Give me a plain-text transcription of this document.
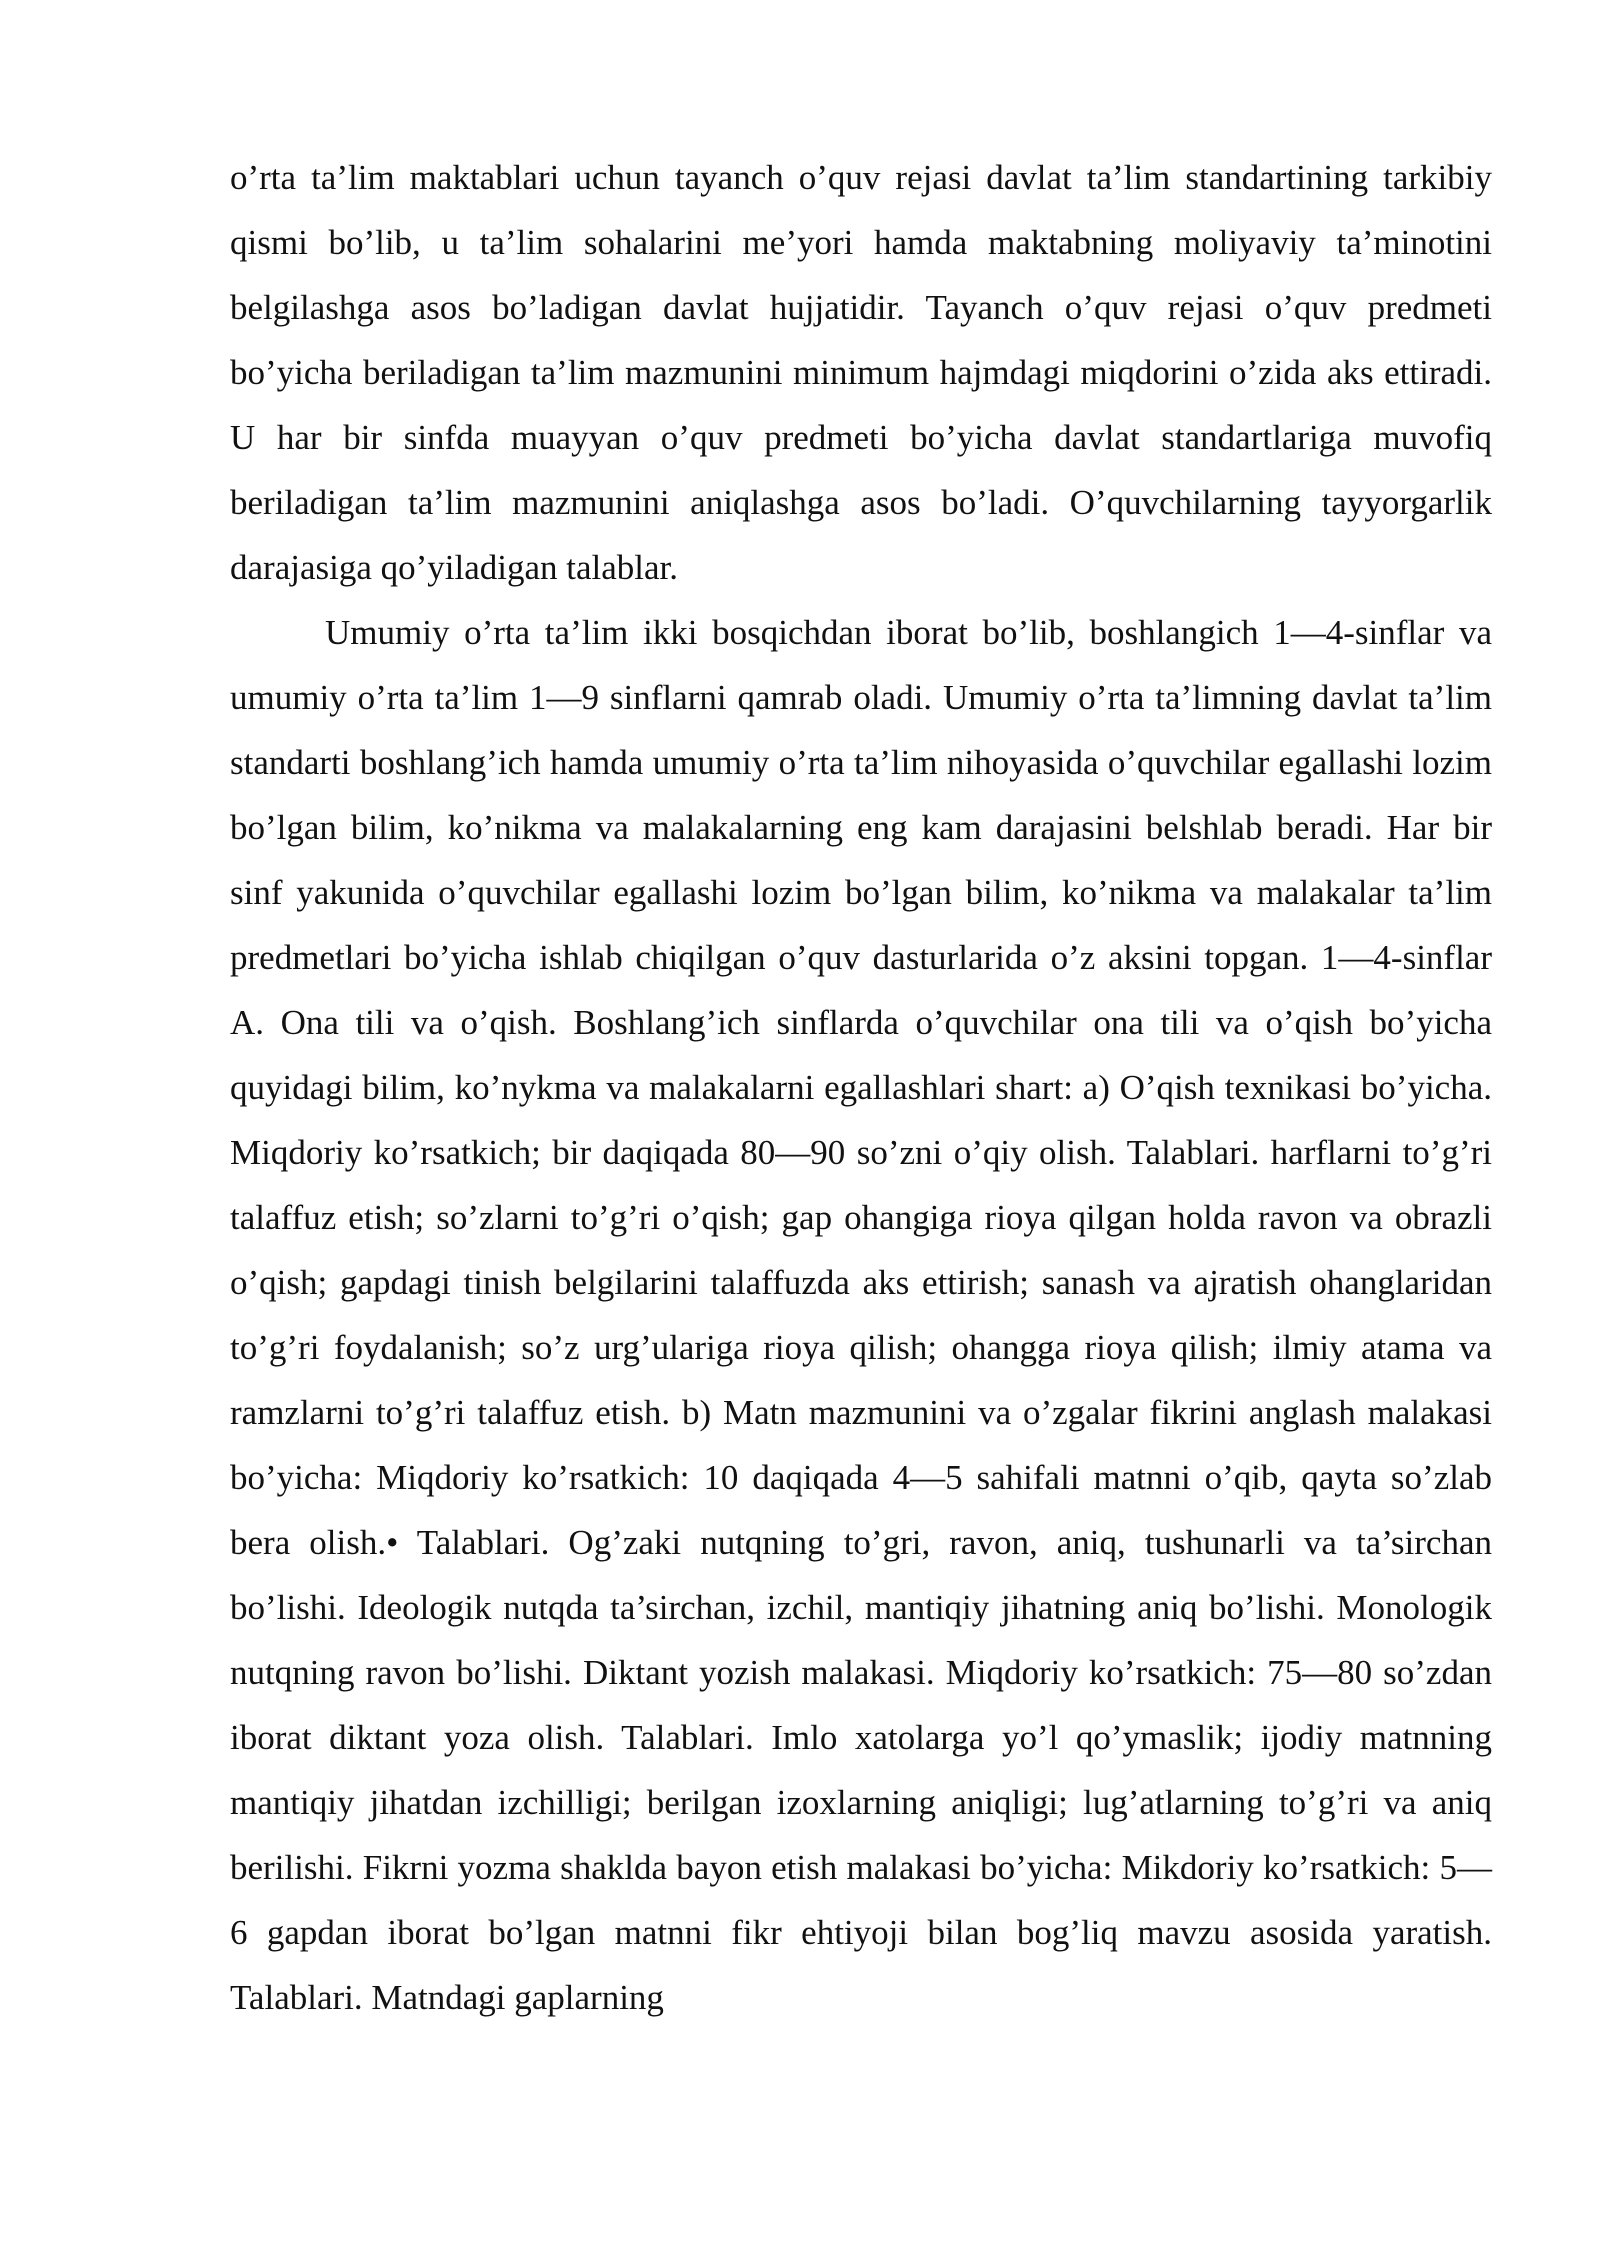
o’rta ta’lim maktablari uchun tayanch o’quv rejasi davlat ta’lim standartining tarkibiy qismi bo’lib, u ta’lim sohalarini me’yori hamda maktabning moliyaviy ta’minotini belgilashga asos bo’ladigan davlat hujjatidir. Tayanch o’quv rejasi o’quv predmeti bo’yicha beriladigan ta’lim mazmunini minimum hajmdagi miqdorini o’zida aks ettiradi. U har bir sinfda muayyan o’quv predmeti bo’yicha davlat standartlariga muvofiq beriladigan ta’lim mazmunini aniqlashga asos bo’ladi. O’quvchilarning tayyorgarlik darajasiga qo’yiladigan talablar.

Umumiy o’rta ta’lim ikki bosqichdan iborat bo’lib, boshlangich 1—4-sinflar va umumiy o’rta ta’lim 1—9 sinflarni qamrab oladi. Umumiy o’rta ta’limning davlat ta’lim standarti boshlang’ich hamda umumiy o’rta ta’lim nihoyasida o’quvchilar egallashi lozim bo’lgan bilim, ko’nikma va malakalarning eng kam darajasini belshlab beradi. Har bir sinf yakunida o’quvchilar egallashi lozim bo’lgan bilim, ko’nikma va malakalar ta’lim predmetlari bo’yicha ishlab chiqilgan o’quv dasturlarida o’z aksini topgan. 1—4-sinflar A. Ona tili va o’qish. Boshlang’ich sinflarda o’quvchilar ona tili va o’qish bo’yicha quyidagi bilim, ko’nykma va malakalarni egallashlari shart: a) O’qish texnikasi bo’yicha. Miqdoriy ko’rsatkich; bir daqiqada 80—90 so’zni o’qiy olish. Talablari. harflarni to’g’ri talaffuz etish; so’zlarni to’g’ri o’qish; gap ohangiga rioya qilgan holda ravon va obrazli o’qish; gapdagi tinish belgilarini talaffuzda aks ettirish; sanash va ajratish ohanglaridan to’g’ri foydalanish; so’z urg’ulariga rioya qilish; ohangga rioya qilish; ilmiy atama va ramzlarni to’g’ri talaffuz etish. b) Matn mazmunini va o’zgalar fikrini anglash malakasi bo’yicha: Miqdoriy ko’rsatkich: 10 daqiqada 4—5 sahifali matnni o’qib, qayta so’zlab bera olish.• Talablari. Og’zaki nutqning to’gri, ravon, aniq, tushunarli va ta’sirchan bo’lishi. Ideologik nutqda ta’sirchan, izchil, mantiqiy jihatning aniq bo’lishi. Monologik nutqning ravon bo’lishi. Diktant yozish malakasi. Miqdoriy ko’rsatkich: 75—80 so’zdan iborat diktant yoza olish. Talablari. Imlo xatolarga yo’l qo’ymaslik; ijodiy matnning mantiqiy jihatdan izchilligi; berilgan izoxlarning aniqligi; lug’atlarning to’g’ri va aniq berilishi. Fikrni yozma shakldа bayon etish malakasi bo’yicha: Mikdoriy ko’rsatkich: 5—6 gapdan iborat bo’lgan matnni fikr ehtiyoji bilan bog’liq mavzu asosida yaratish. Talablari. Matndagi gaplarning
